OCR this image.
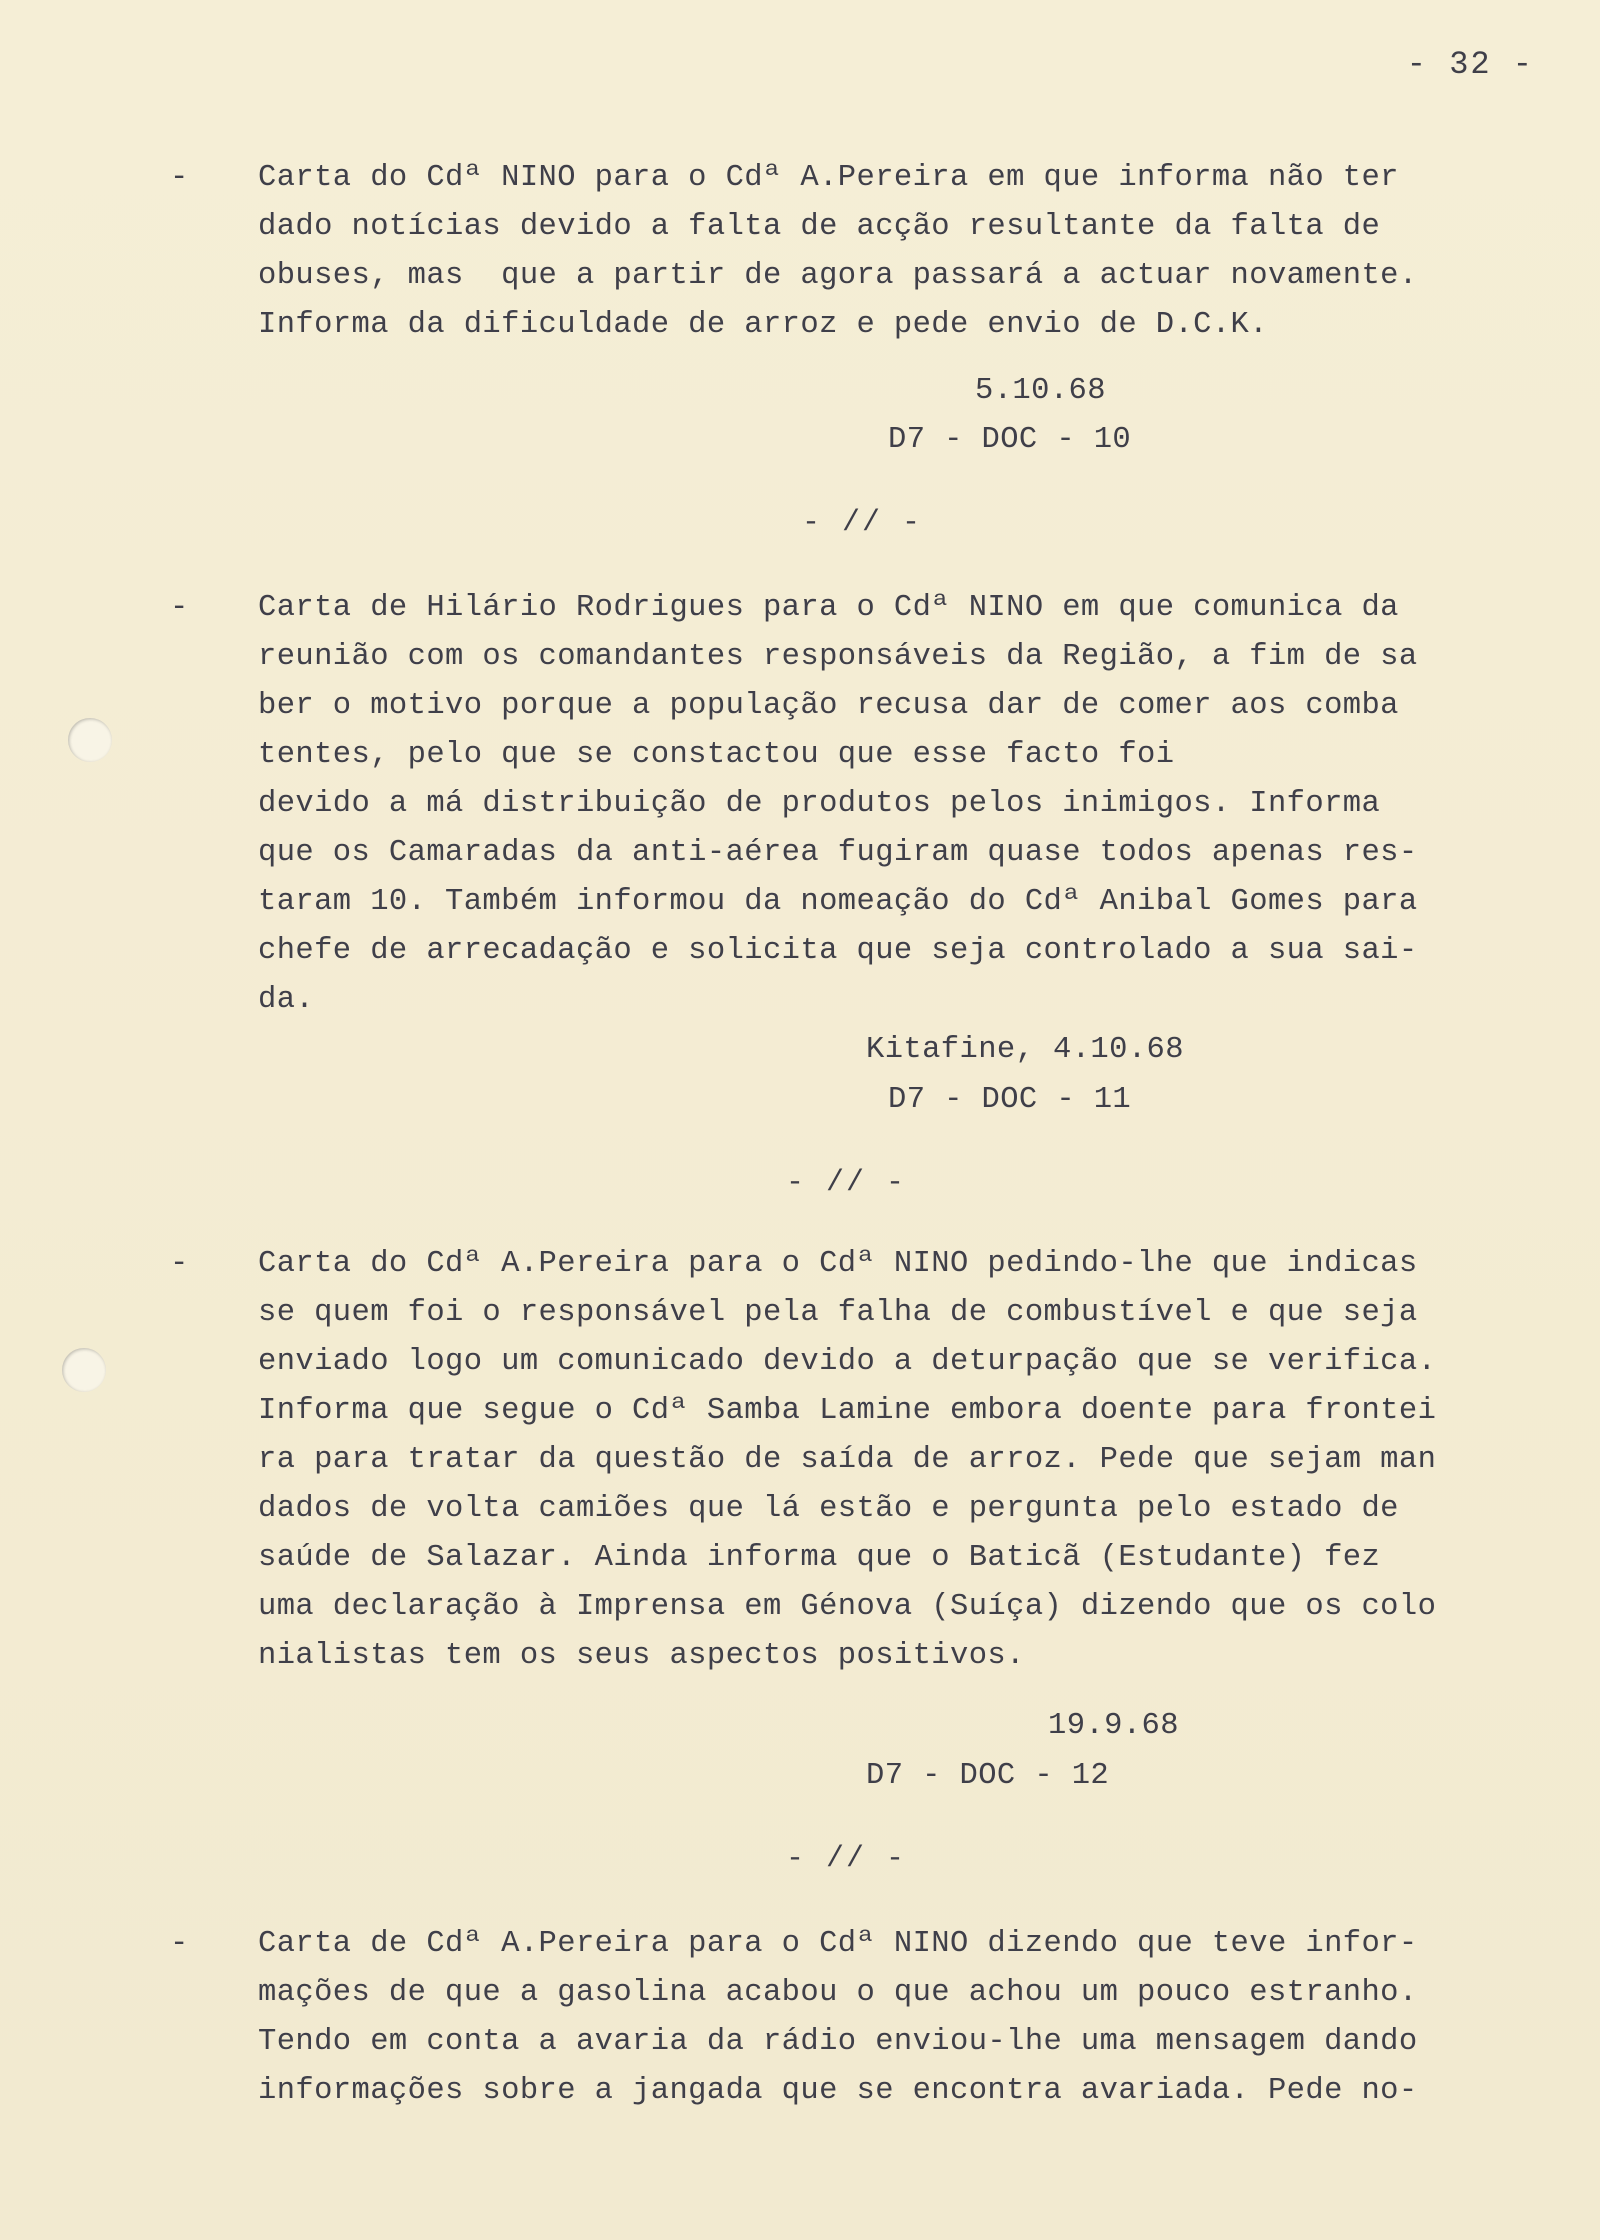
- 32 -
- Carta do Cdª NINO para o Cdª A.Pereira em que informa não ter
dado notícias devido a falta de acção resultante da falta de
obuses, mas  que a partir de agora passará a actuar novamente.
Informa da dificuldade de arroz e pede envio de D.C.K.
5.10.68
D7 - DOC - 10
- // -
- Carta de Hilário Rodrigues para o Cdª NINO em que comunica da
reunião com os comandantes responsáveis da Região, a fim de sa
ber o motivo porque a população recusa dar de comer aos comba
tentes, pelo que se constactou que esse facto foi
devido a má distribuição de produtos pelos inimigos. Informa
que os Camaradas da anti-aérea fugiram quase todos apenas res-
taram 10. Também informou da nomeação do Cdª Anibal Gomes para
chefe de arrecadação e solicita que seja controlado a sua sai-
da.
Kitafine, 4.10.68
D7 - DOC - 11
- // -
- Carta do Cdª A.Pereira para o Cdª NINO pedindo-lhe que indicas
se quem foi o responsável pela falha de combustível e que seja
enviado logo um comunicado devido a deturpação que se verifica.
Informa que segue o Cdª Samba Lamine embora doente para frontei
ra para tratar da questão de saída de arroz. Pede que sejam man
dados de volta camiões que lá estão e pergunta pelo estado de
saúde de Salazar. Ainda informa que o Baticã (Estudante) fez
uma declaração à Imprensa em Génova (Suíça) dizendo que os colo
nialistas tem os seus aspectos positivos.
19.9.68
D7 - DOC - 12
- // -
- Carta de Cdª A.Pereira para o Cdª NINO dizendo que teve infor-
mações de que a gasolina acabou o que achou um pouco estranho.
Tendo em conta a avaria da rádio enviou-lhe uma mensagem dando
informações sobre a jangada que se encontra avariada. Pede no-
